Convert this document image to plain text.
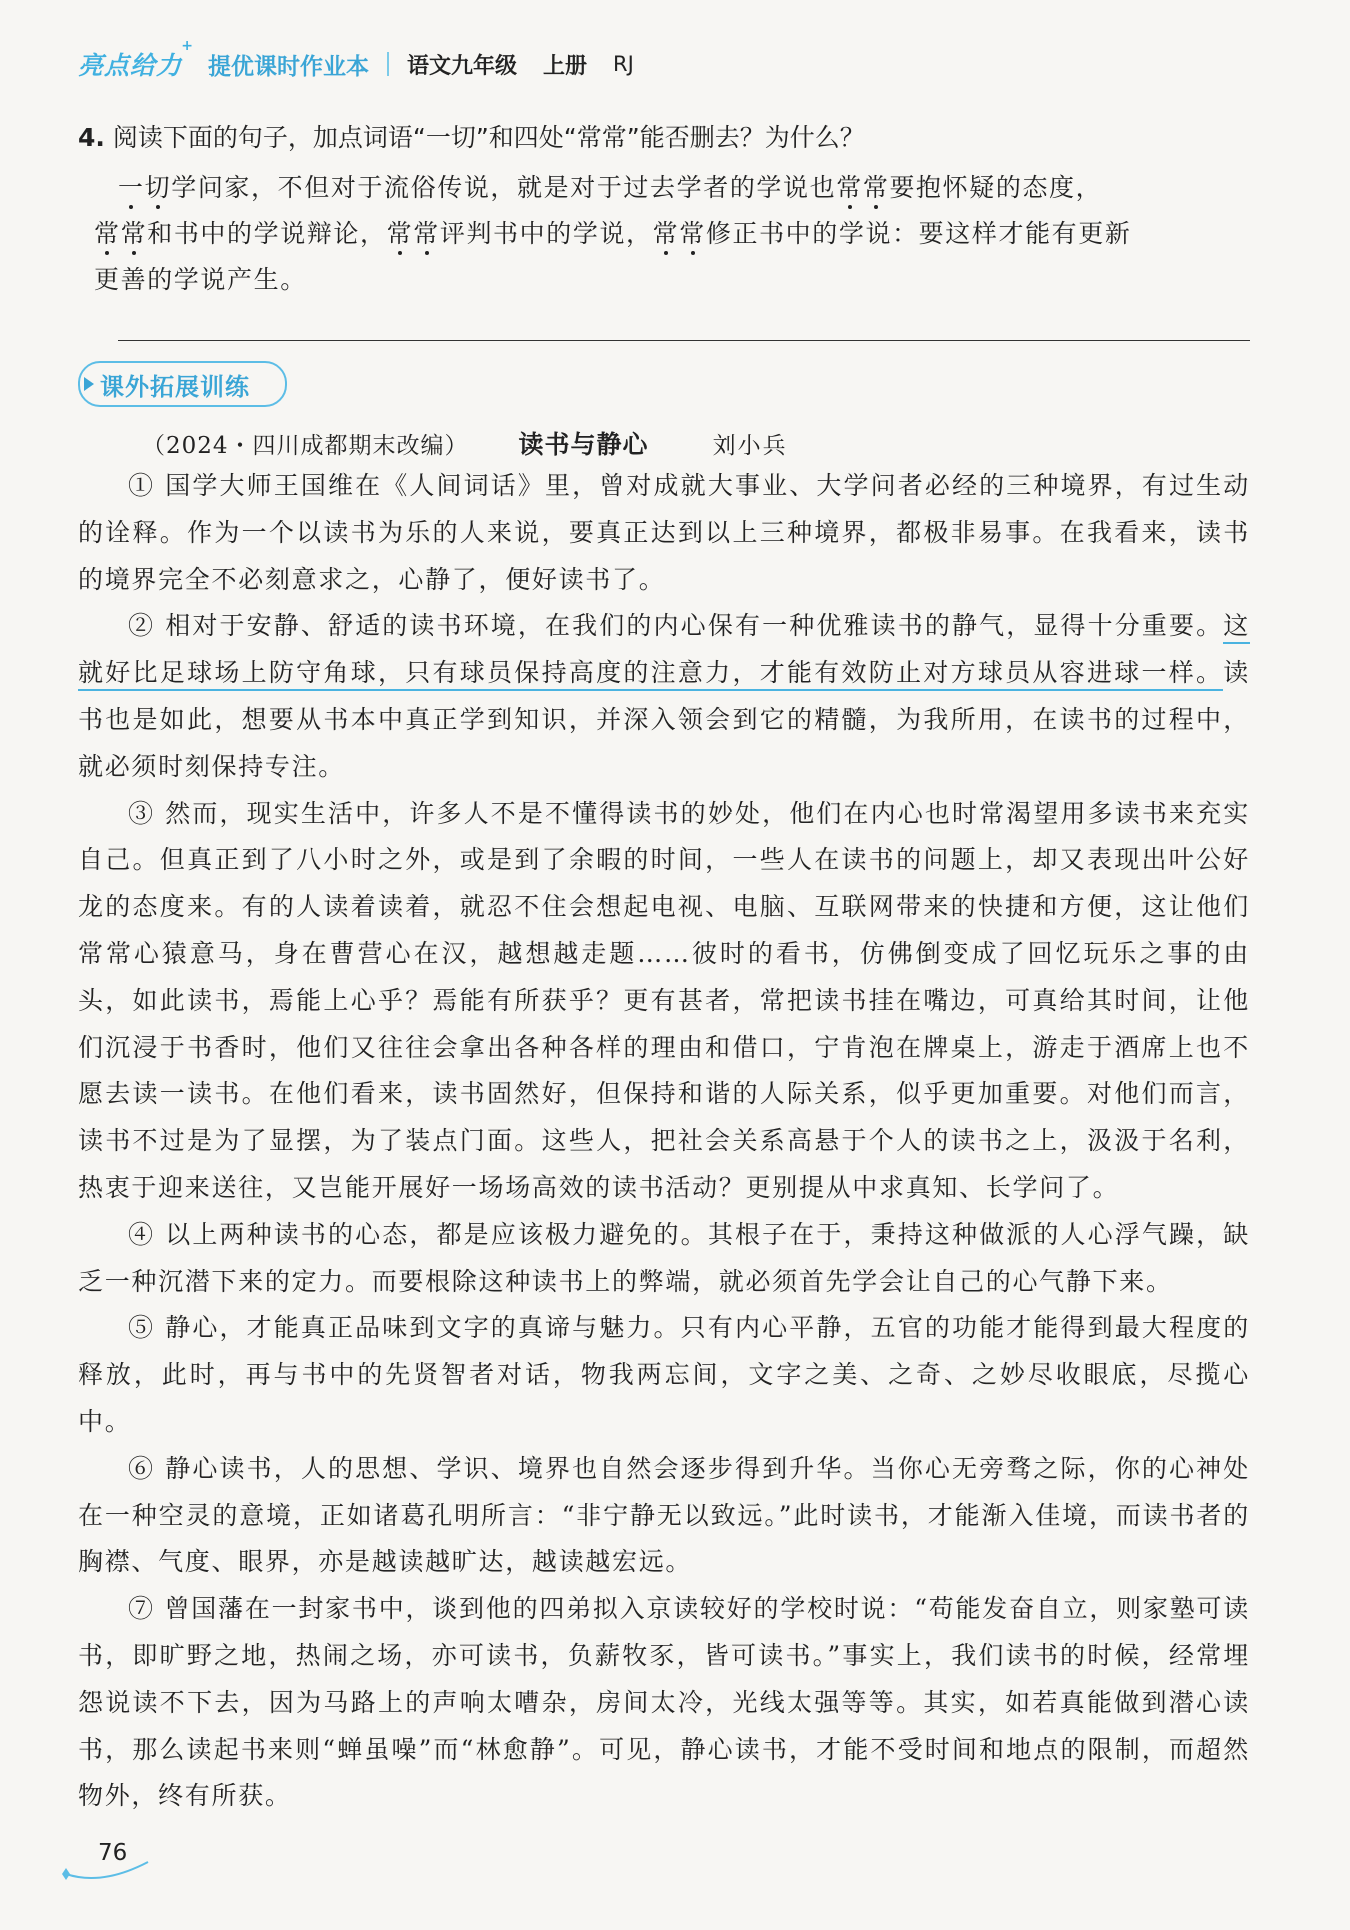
亮点给力
+
提优课时作业本 语文九年级 上册 RJ
4. 阅读下面的句子，加点词语“一切”和四处“常常”能否删去？为什么？

一切学问家，不但对于流俗传说，就是对于过去学者的学说也常常要抱怀疑的态度，

常常和书中的学说辩论，常常评判书中的学说，常常修正书中的学说：要这样才能有更新

更善的学说产生。

课外拓展训练
（2024・四川成都期末改编） 读书与静心	刘小兵

① 国学大师王国维在《人间词话》里，曾对成就大事业、大学问者必经的三种境界，有过生动的诠释。作为一个以读书为乐的人来说，要真正达到以上三种境界，都极非易事。在我看来，读书的境界完全不必刻意求之，心静了，便好读书了。

② 相对于安静、舒适的读书环境，在我们的内心保有一种优雅读书的静气，显得十分重要。这就好比足球场上防守角球，只有球员保持高度的注意力，才能有效防止对方球员从容进球一样。读书也是如此，想要从书本中真正学到知识，并深入领会到它的精髓，为我所用，在读书的过程中，就必须时刻保持专注。

③ 然而，现实生活中，许多人不是不懂得读书的妙处，他们在内心也时常渴望用多读书来充实自己。但真正到了八小时之外，或是到了余暇的时间，一些人在读书的问题上，却又表现出叶公好龙的态度来。有的人读着读着，就忍不住会想起电视、电脑、互联网带来的快捷和方便，这让他们常常心猿意马，身在曹营心在汉，越想越走题……彼时的看书，仿佛倒变成了回忆玩乐之事的由头，如此读书，焉能上心乎？焉能有所获乎？更有甚者，常把读书挂在嘴边，可真给其时间，让他们沉浸于书香时，他们又往往会拿出各种各样的理由和借口，宁肯泡在牌桌上，游走于酒席上也不愿去读一读书。在他们看来，读书固然好，但保持和谐的人际关系，似乎更加重要。对他们而言，读书不过是为了显摆，为了装点门面。这些人，把社会关系高悬于个人的读书之上，汲汲于名利，热衷于迎来送往，又岂能开展好一场场高效的读书活动？更别提从中求真知、长学问了。

④ 以上两种读书的心态，都是应该极力避免的。其根子在于，秉持这种做派的人心浮气躁，缺乏一种沉潜下来的定力。而要根除这种读书上的弊端，就必须首先学会让自己的心气静下来。

⑤ 静心，才能真正品味到文字的真谛与魅力。只有内心平静，五官的功能才能得到最大程度的释放，此时，再与书中的先贤智者对话，物我两忘间，文字之美、之奇、之妙尽收眼底，尽揽心中。

⑥ 静心读书，人的思想、学识、境界也自然会逐步得到升华。当你心无旁骛之际，你的心神处在一种空灵的意境，正如诸葛孔明所言：“非宁静无以致远。”此时读书，才能渐入佳境，而读书者的胸襟、气度、眼界，亦是越读越旷达，越读越宏远。

⑦ 曾国藩在一封家书中，谈到他的四弟拟入京读较好的学校时说：“苟能发奋自立，则家塾可读书，即旷野之地，热闹之场，亦可读书，负薪牧豕，皆可读书。”事实上，我们读书的时候，经常埋怨说读不下去，因为马路上的声响太嘈杂，房间太冷，光线太强等等。其实，如若真能做到潜心读书，那么读起书来则“蝉虽噪”而“林愈静”。可见，静心读书，才能不受时间和地点的限制，而超然物外，终有所获。

76
